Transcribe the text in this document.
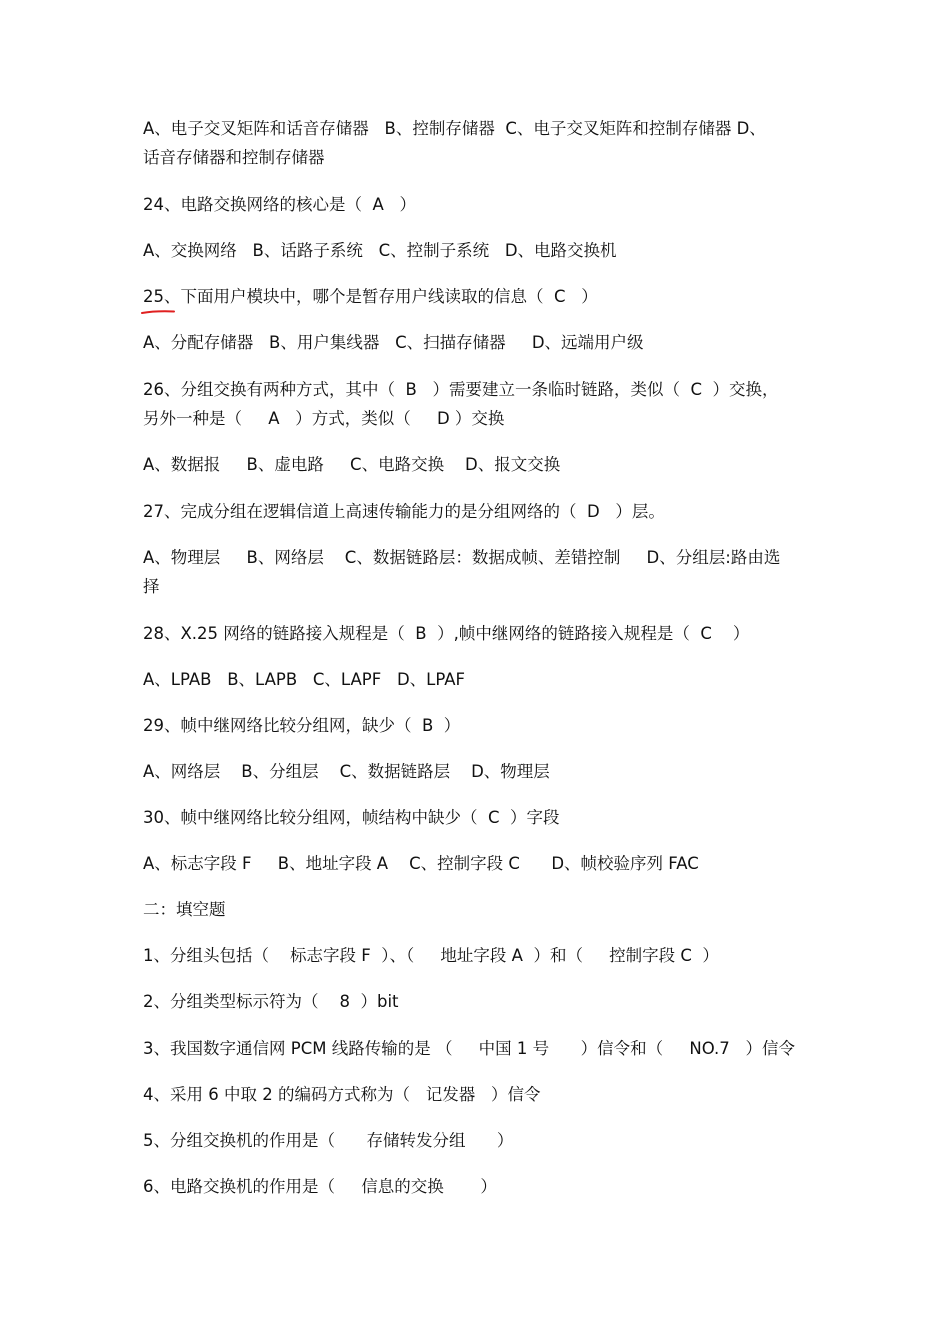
A、电子交叉矩阵和话音存储器   B、控制存储器  C、电子交叉矩阵和控制存储器 D、
话音存储器和控制存储器
24、电路交换网络的核心是（  A   ）
A、交换网络   B、话路子系统   C、控制子系统   D、电路交换机
25、下面用户模块中，哪个是暂存用户线读取的信息（  C   ）
A、分配存储器   B、用户集线器   C、扫描存储器     D、远端用户级
26、分组交换有两种方式，其中（  B   ）需要建立一条临时链路，类似（  C  ）交换，
另外一种是（     A   ）方式，类似（     D ）交换
A、数据报     B、虚电路     C、电路交换    D、报文交换
27、完成分组在逻辑信道上高速传输能力的是分组网络的（  D   ）层。
A、物理层     B、网络层    C、数据链路层：数据成帧、差错控制     D、分组层:路由选
择
28、X.25 网络的链路接入规程是（  B  ）,帧中继网络的链路接入规程是（  C    ）
A、LPAB   B、LAPB   C、LAPF   D、LPAF
29、帧中继网络比较分组网，缺少（  B  ）
A、网络层    B、分组层    C、数据链路层    D、物理层
30、帧中继网络比较分组网，帧结构中缺少（  C  ）字段
A、标志字段 F     B、地址字段 A    C、控制字段 C      D、帧校验序列 FAC
二：填空题
1、分组头包括（    标志字段 F  ）、（     地址字段 A  ）和（     控制字段 C  ）
2、分组类型标示符为（    8  ）bit
3、我国数字通信网 PCM 线路传输的是 （     中国 1 号      ）信令和（     NO.7   ）信令
4、采用 6 中取 2 的编码方式称为（   记发器   ）信令
5、分组交换机的作用是（      存储转发分组      ）
6、电路交换机的作用是（     信息的交换       ）
